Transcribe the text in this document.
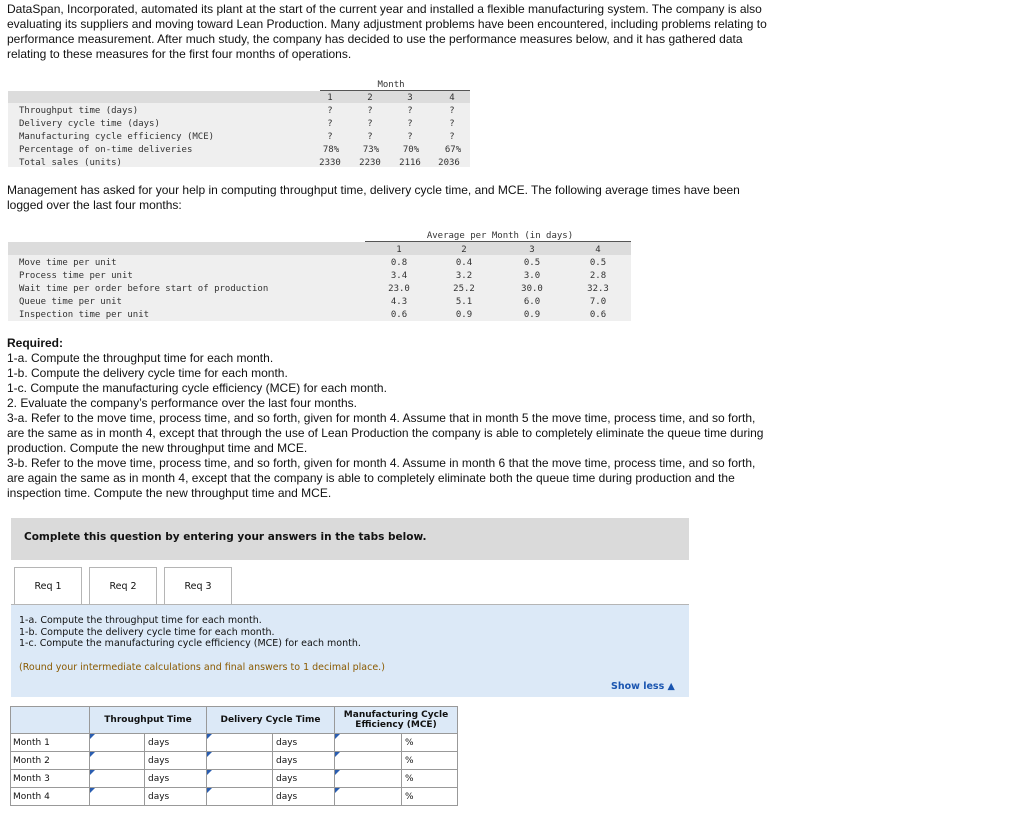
DataSpan, Incorporated, automated its plant at the start of the current year and installed a flexible manufacturing system. The company is also evaluating its suppliers and moving toward Lean Production. Many adjustment problems have been encountered, including problems relating to performance measurement. After much study, the company has decided to use the performance measures below, and it has gathered data relating to these measures for the first four months of operations.
Month
1	2	3	4
Throughput time (days)	?	?	?	?
Delivery cycle time (days)	?	?	?	?
Manufacturing cycle efficiency (MCE)	?	?	?	?
Percentage of on-time deliveries	78%	73%	70%	67%
Total sales (units)	2330	2230	2116	2036
Management has asked for your help in computing throughput time, delivery cycle time, and MCE. The following average times have been logged over the last four months:
Average per Month (in days)
1	2	3	4
Move time per unit	0.8	0.4	0.5	0.5
Process time per unit	3.4	3.2	3.0	2.8
Wait time per order before start of production	23.0	25.2	30.0	32.3
Queue time per unit	4.3	5.1	6.0	7.0
Inspection time per unit	0.6	0.9	0.9	0.6
Required:
1-a. Compute the throughput time for each month.
1-b. Compute the delivery cycle time for each month.
1-c. Compute the manufacturing cycle efficiency (MCE) for each month.
2. Evaluate the company’s performance over the last four months.
3-a. Refer to the move time, process time, and so forth, given for month 4. Assume that in month 5 the move time, process time, and so forth, are the same as in month 4, except that through the use of Lean Production the company is able to completely eliminate the queue time during production. Compute the new throughput time and MCE.
3-b. Refer to the move time, process time, and so forth, given for month 4. Assume in month 6 that the move time, process time, and so forth, are again the same as in month 4, except that the company is able to completely eliminate both the queue time during production and the inspection time. Compute the new throughput time and MCE.
Complete this question by entering your answers in the tabs below.
Req 1	Req 2	Req 3
1-a. Compute the throughput time for each month.
1-b. Compute the delivery cycle time for each month.
1-c. Compute the manufacturing cycle efficiency (MCE) for each month.
(Round your intermediate calculations and final answers to 1 decimal place.)
Show less ▲
	Throughput Time		Delivery Cycle Time		Manufacturing Cycle Efficiency (MCE)	
Month 1		days		days		%
Month 2		days		days		%
Month 3		days		days		%
Month 4		days		days		%
